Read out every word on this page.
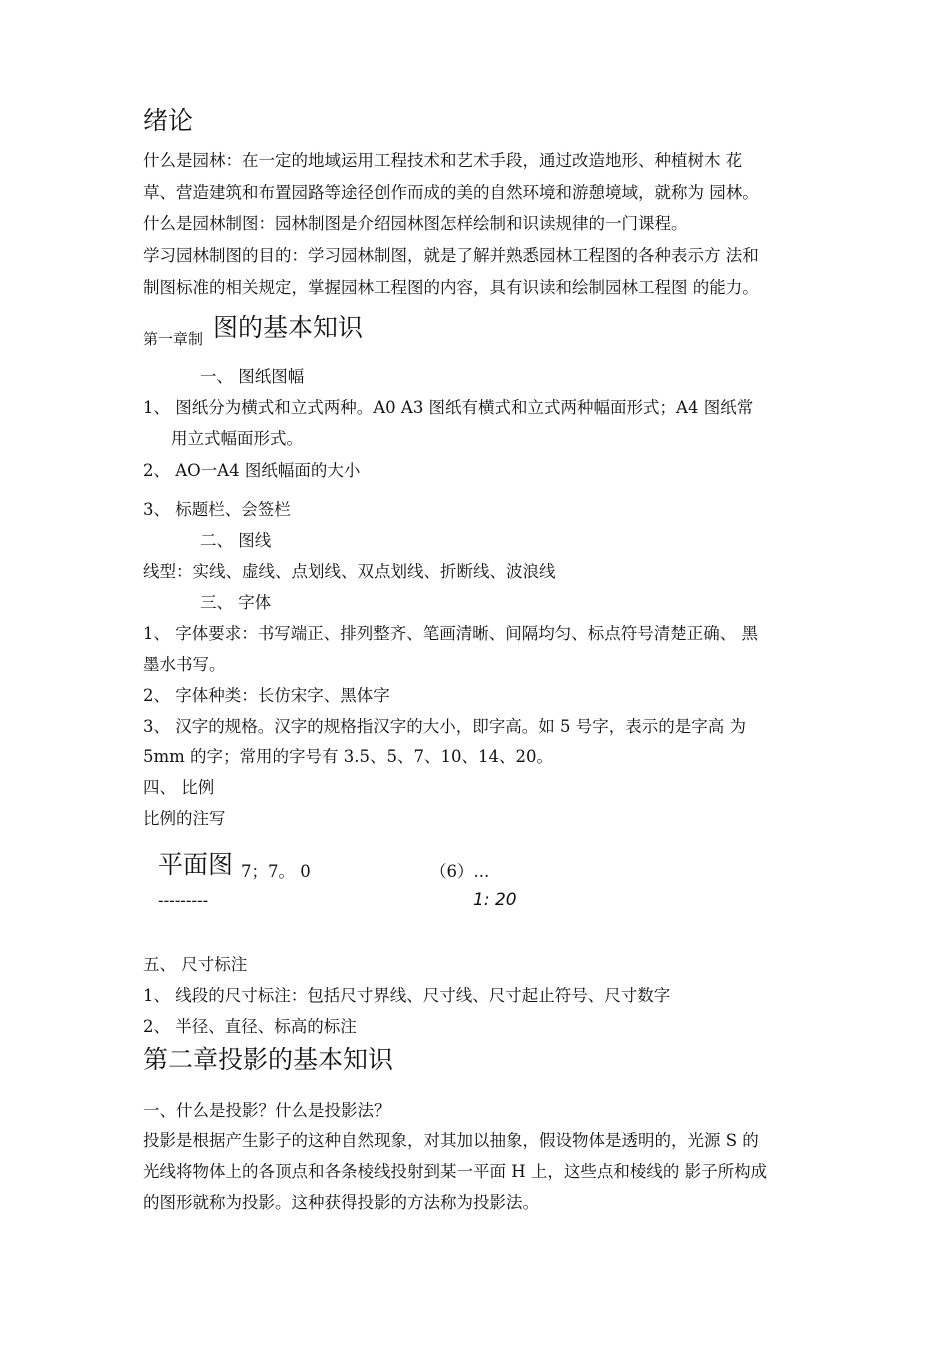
绪论
什么是园林：在一定的地域运用工程技术和艺术手段，通过改造地形、种植树木 花
草、营造建筑和布置园路等途径创作而成的美的自然环境和游憩境域，就称为 园林。
什么是园林制图：园林制图是介绍园林图怎样绘制和识读规律的一门课程。
学习园林制图的目的：学习园林制图，就是了解并熟悉园林工程图的各种表示方 法和
制图标准的相关规定，掌握园林工程图的内容，具有识读和绘制园林工程图 的能力。
第一章制 图的基本知识
一、 图纸图幅
1、 图纸分为横式和立式两种。A0 A3 图纸有横式和立式两种幅面形式；A4 图纸常
用立式幅面形式。
2、 AO一A4 图纸幅面的大小
3、 标题栏、会签栏
二、 图线
线型：实线、虚线、点划线、双点划线、折断线、波浪线
三、 字体
1、 字体要求：书写端正、排列整齐、笔画清晰、间隔均匀、标点符号清楚正确、 黑
墨水书写。
2、 字体种类：长仿宋字、黑体字
3、 汉字的规格。汉字的规格指汉字的大小，即字高。如 5 号字，表示的是字高 为
5mm 的字；常用的字号有 3.5、5、7、10、14、20。
四、 比例
比例的注写
平面图 7；7。 0	（6）...
---------	1: 20
五、 尺寸标注
1、 线段的尺寸标注：包括尺寸界线、尺寸线、尺寸起止符号、尺寸数字
2、 半径、直径、标高的标注
第二章投影的基本知识
一、什么是投影？什么是投影法？
投影是根据产生影子的这种自然现象，对其加以抽象，假设物体是透明的，光源 S 的
光线将物体上的各顶点和各条棱线投射到某一平面 H 上，这些点和棱线的 影子所构成
的图形就称为投影。这种获得投影的方法称为投影法。
